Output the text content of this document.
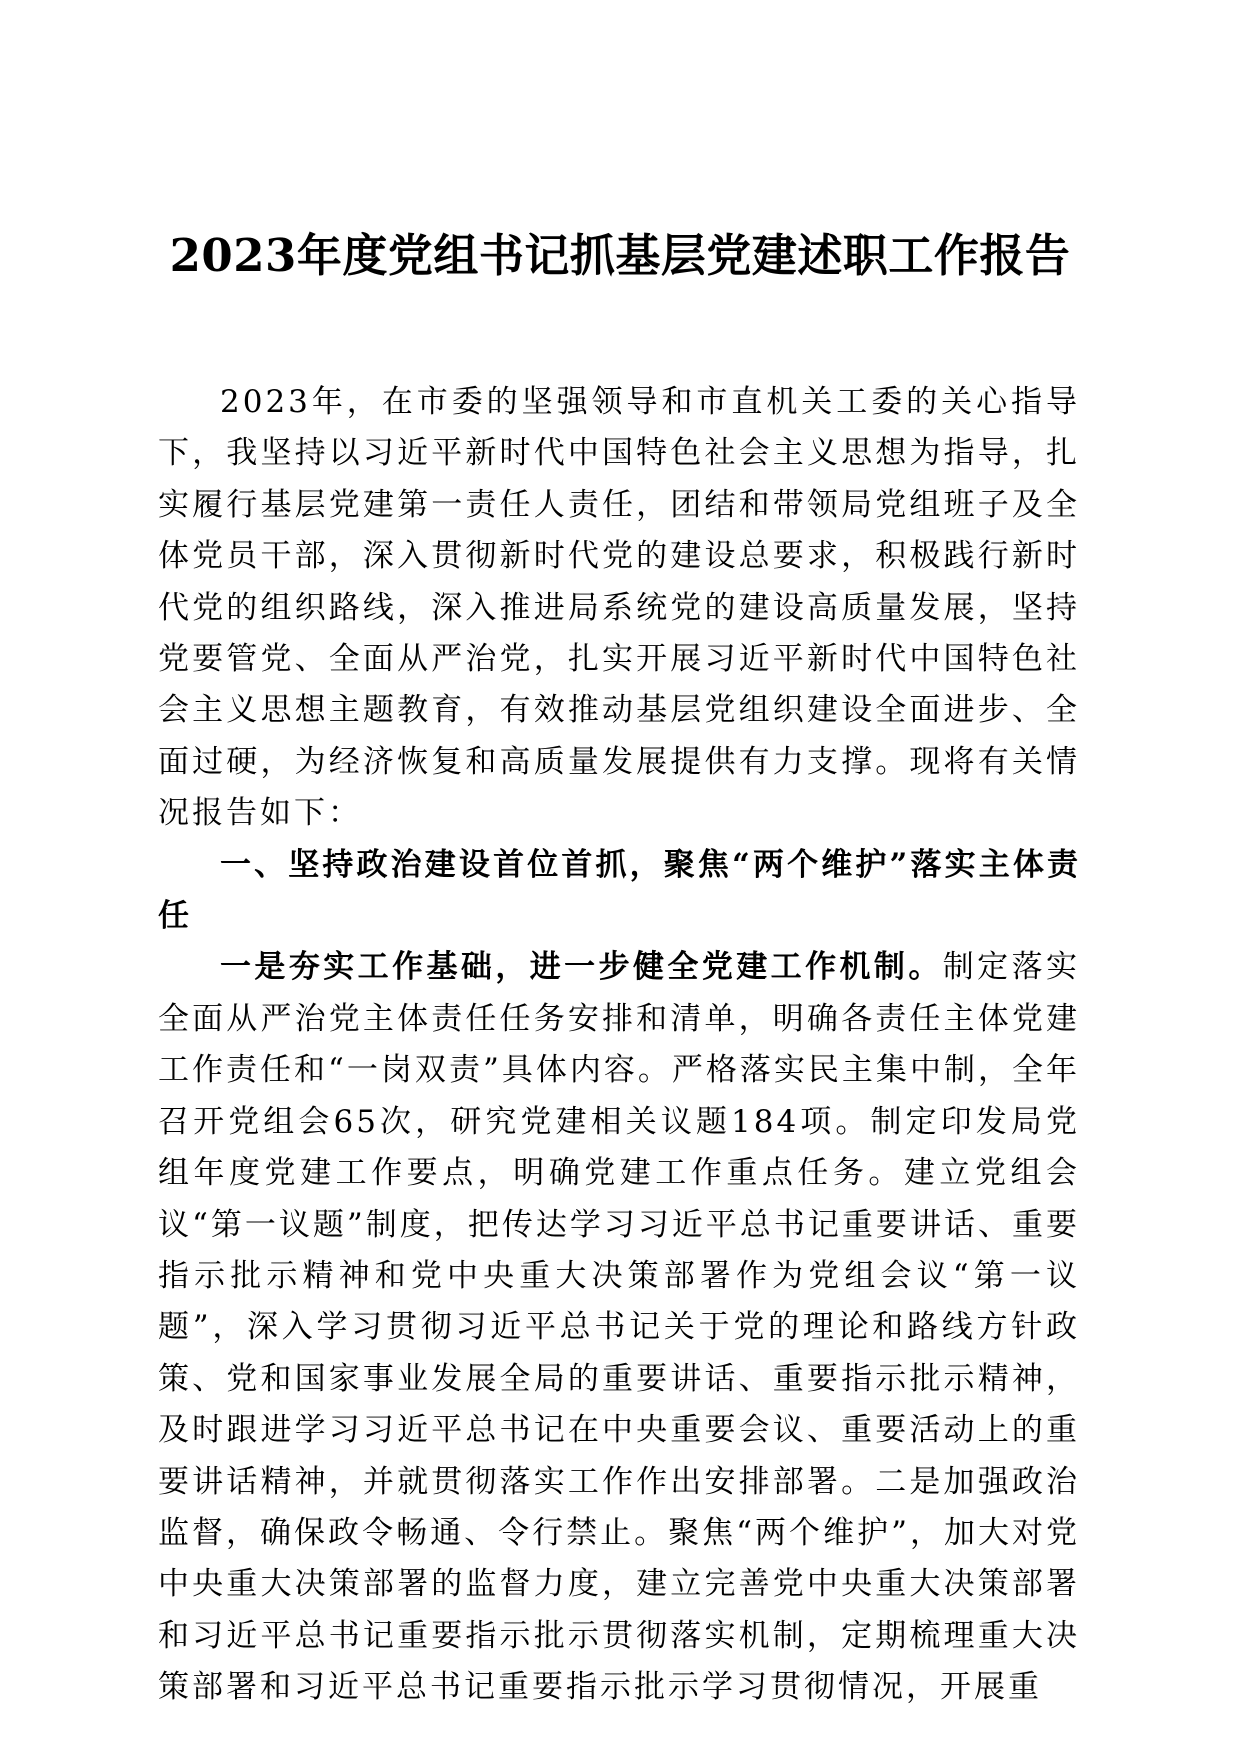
2023年度党组书记抓基层党建述职工作报告

2023年，在市委的坚强领导和市直机关工委的关心指导下，我坚持以习近平新时代中国特色社会主义思想为指导，扎实履行基层党建第一责任人责任，团结和带领局党组班子及全体党员干部，深入贯彻新时代党的建设总要求，积极践行新时代党的组织路线，深入推进局系统党的建设高质量发展，坚持党要管党、全面从严治党，扎实开展习近平新时代中国特色社会主义思想主题教育，有效推动基层党组织建设全面进步、全面过硬，为经济恢复和高质量发展提供有力支撑。现将有关情况报告如下：

一、坚持政治建设首位首抓，聚焦“两个维护”落实主体责任

一是夯实工作基础，进一步健全党建工作机制。制定落实全面从严治党主体责任任务安排和清单，明确各责任主体党建工作责任和“一岗双责”具体内容。严格落实民主集中制，全年召开党组会65次，研究党建相关议题184项。制定印发局党组年度党建工作要点，明确党建工作重点任务。建立党组会议“第一议题”制度，把传达学习习近平总书记重要讲话、重要指示批示精神和党中央重大决策部署作为党组会议“第一议题”，深入学习贯彻习近平总书记关于党的理论和路线方针政策、党和国家事业发展全局的重要讲话、重要指示批示精神，及时跟进学习习近平总书记在中央重要会议、重要活动上的重要讲话精神，并就贯彻落实工作作出安排部署。二是加强政治监督，确保政令畅通、令行禁止。聚焦“两个维护”，加大对党中央重大决策部署的监督力度，建立完善党中央重大决策部署和习近平总书记重要指示批示贯彻落实机制，定期梳理重大决策部署和习近平总书记重要指示批示学习贯彻情况，开展重
